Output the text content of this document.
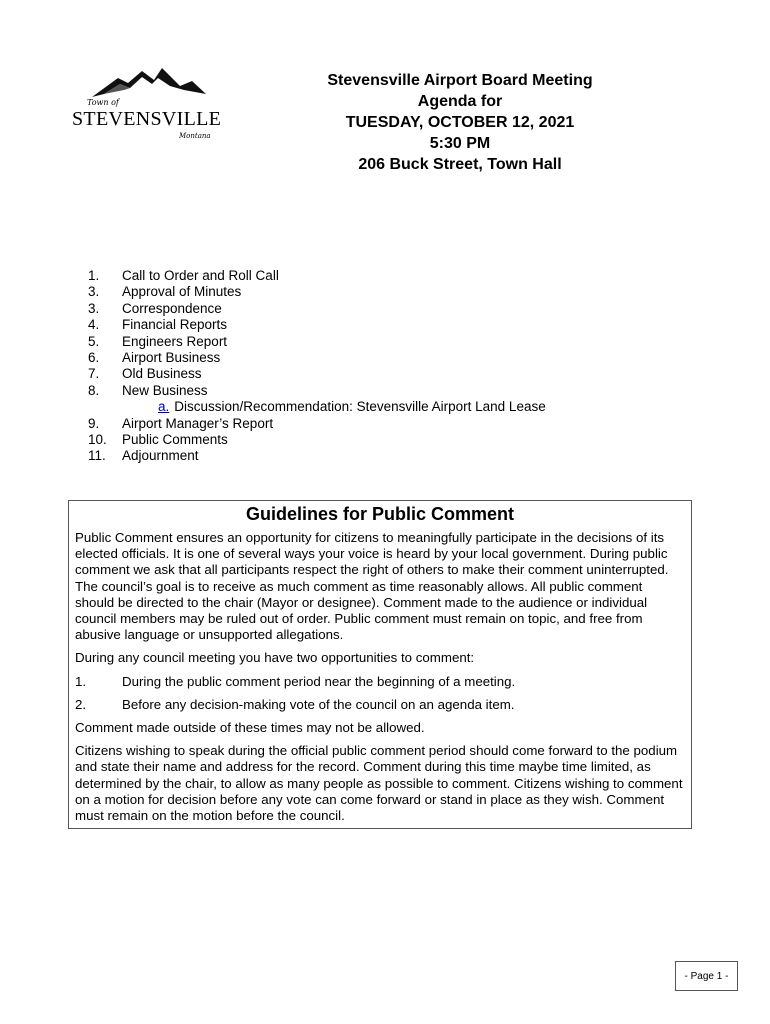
Town of
STEVENSVILLE
Montana
Stevensville Airport Board Meeting
Agenda for
TUESDAY, OCTOBER 12, 2021
5:30 PM
206 Buck Street, Town Hall
1.	Call to Order and Roll Call
3.	Approval of Minutes
3.	Correspondence
4.	Financial Reports
5.	Engineers Report
6.	Airport Business
7.	Old Business
8.	New Business
a. Discussion/Recommendation: Stevensville Airport Land Lease
9.	Airport Manager’s Report
10.	Public Comments
11.	Adjournment
Guidelines for Public Comment

Public Comment ensures an opportunity for citizens to meaningfully participate in the decisions of its elected officials. It is one of several ways your voice is heard by your local government. During public comment we ask that all participants respect the right of others to make their comment uninterrupted. The council’s goal is to receive as much comment as time reasonably allows. All public comment should be directed to the chair (Mayor or designee). Comment made to the audience or individual council members may be ruled out of order. Public comment must remain on topic, and free from abusive language or unsupported allegations.

During any council meeting you have two opportunities to comment:

1.	During the public comment period near the beginning of a meeting.
2.	Before any decision-making vote of the council on an agenda item.

Comment made outside of these times may not be allowed.

Citizens wishing to speak during the official public comment period should come forward to the podium and state their name and address for the record. Comment during this time maybe time limited, as determined by the chair, to allow as many people as possible to comment. Citizens wishing to comment on a motion for decision before any vote can come forward or stand in place as they wish. Comment must remain on the motion before the council.

- Page 1 -
